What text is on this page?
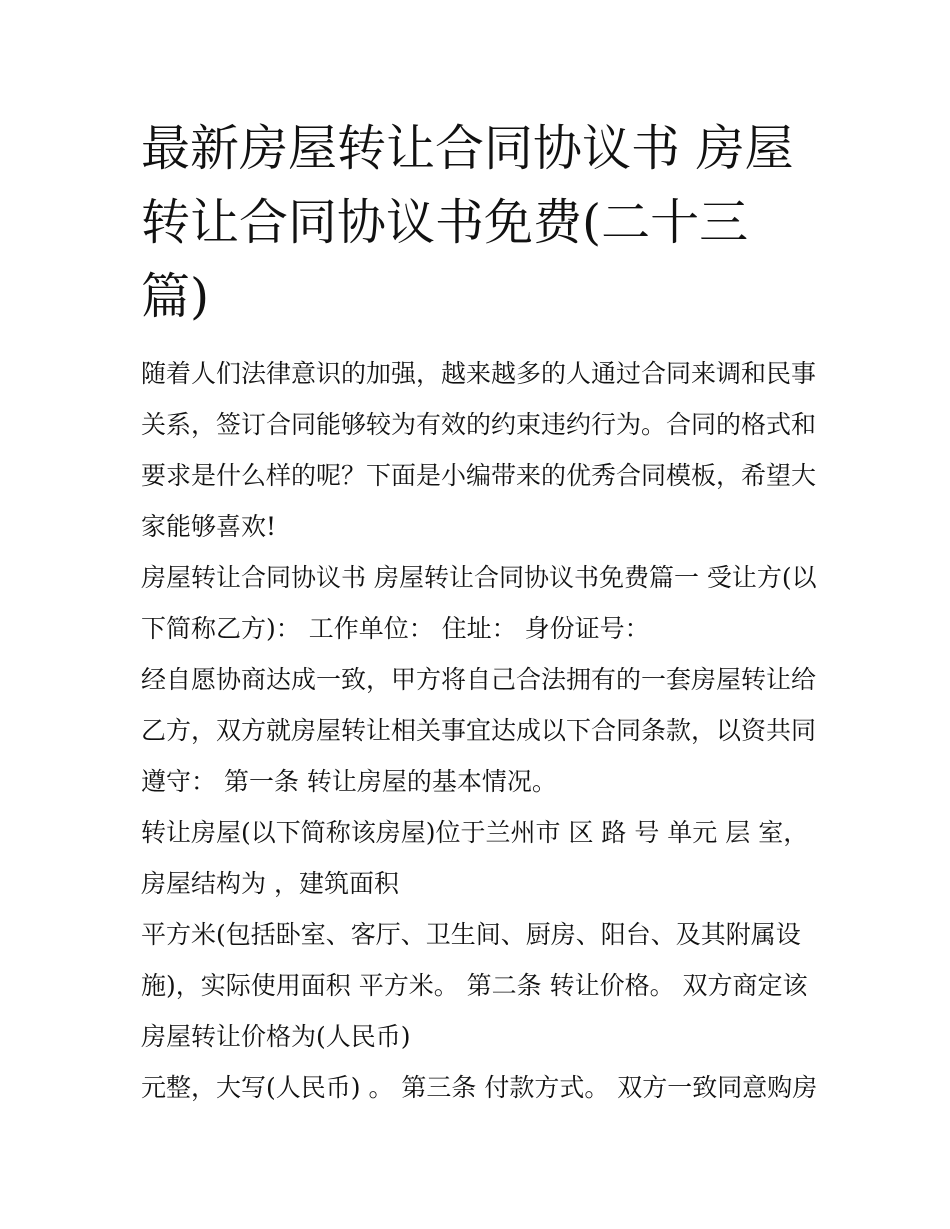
最新房屋转让合同协议书 房屋
转让合同协议书免费(二十三
篇)
随着人们法律意识的加强，越来越多的人通过合同来调和民事
关系，签订合同能够较为有效的约束违约行为。合同的格式和
要求是什么样的呢？下面是小编带来的优秀合同模板，希望大
家能够喜欢!
房屋转让合同协议书 房屋转让合同协议书免费篇一 受让方(以
下简称乙方)： 工作单位： 住址： 身份证号：
经自愿协商达成一致，甲方将自己合法拥有的一套房屋转让给
乙方，双方就房屋转让相关事宜达成以下合同条款，以资共同
遵守： 第一条 转让房屋的基本情况。
转让房屋(以下简称该房屋)位于兰州市 区 路 号 单元 层 室，
房屋结构为 ，建筑面积
平方米(包括卧室、客厅、卫生间、厨房、阳台、及其附属设
施)，实际使用面积 平方米。 第二条 转让价格。 双方商定该
房屋转让价格为(人民币)
元整，大写(人民币) 。 第三条 付款方式。 双方一致同意购房
